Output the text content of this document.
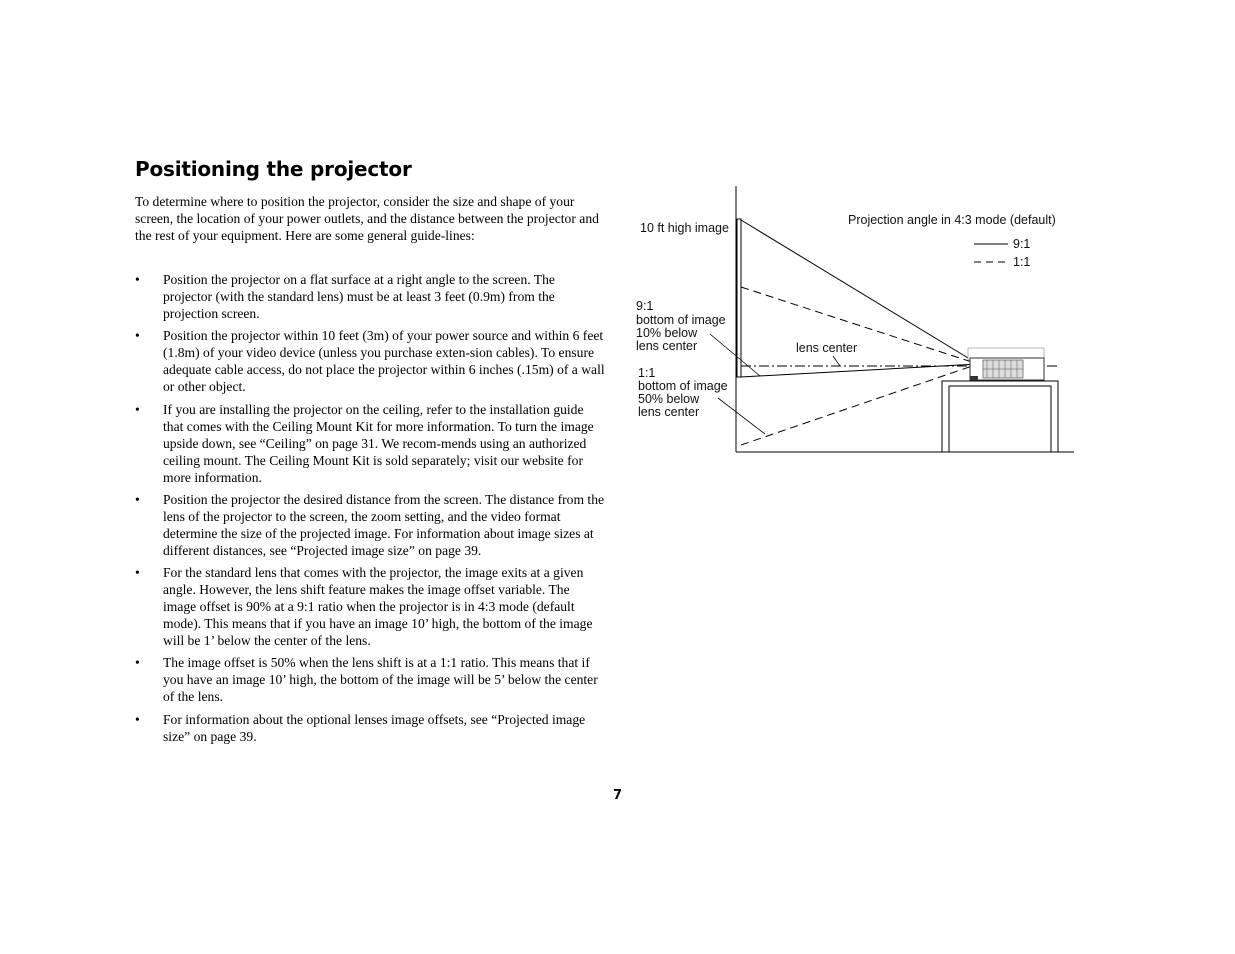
Positioning the projector

To determine where to position the projector, consider the size and shape of your screen, the location of your power outlets, and the distance between the projector and the rest of your equipment. Here are some general guide-lines:

• Position the projector on a flat surface at a right angle to the screen. The projector (with the standard lens) must be at least 3 feet (0.9m) from the projection screen.
• Position the projector within 10 feet (3m) of your power source and within 6 feet (1.8m) of your video device (unless you purchase exten-sion cables). To ensure adequate cable access, do not place the projector within 6 inches (.15m) of a wall or other object.
• If you are installing the projector on the ceiling, refer to the installation guide that comes with the Ceiling Mount Kit for more information. To turn the image upside down, see “Ceiling” on page 31. We recom-mends using an authorized ceiling mount. The Ceiling Mount Kit is sold separately; visit our website for more information.
• Position the projector the desired distance from the screen. The distance from the lens of the projector to the screen, the zoom setting, and the video format determine the size of the projected image. For information about image sizes at different distances, see “Projected image size” on page 39.
• For the standard lens that comes with the projector, the image exits at a given angle. However, the lens shift feature makes the image offset variable. The image offset is 90% at a 9:1 ratio when the projector is in 4:3 mode (default mode). This means that if you have an image 10’ high, the bottom of the image will be 1’ below the center of the lens.
• The image offset is 50% when the lens shift is at a 1:1 ratio. This means that if you have an image 10’ high, the bottom of the image will be 5’ below the center of the lens.
• For information about the optional lenses image offsets, see “Projected image size” on page 39.
Projection angle in 4:3 mode (default)
9:1
1:1
10 ft high image
9:1
bottom of image
10% below
lens center
1:1
bottom of image
50% below
lens center
lens center
7
